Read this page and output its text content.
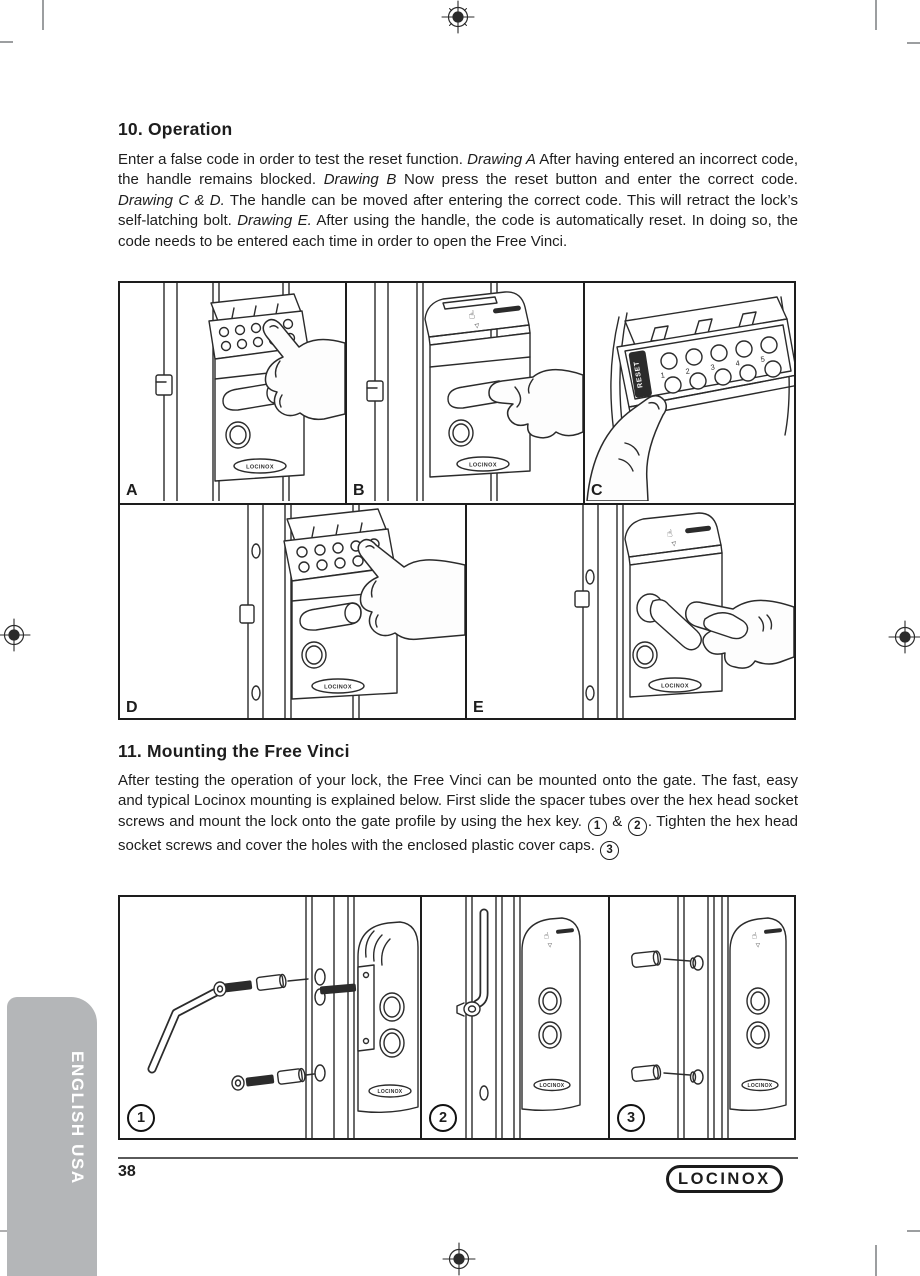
ENGLISH USA
10. Operation

Enter a false code in order to test the reset function. Drawing A After having entered an incorrect code, the handle remains blocked. Drawing B Now press the reset button and enter the correct code. Drawing C & D. The handle can be moved after entering the correct code. This will retract the lock’s self-latching bolt. Drawing E. After using the handle, the code is automatically reset. In doing so, the code needs to be entered each time in order to open the Free Vinci.

LOCINOX
A
☝
▽
LOCINOX
B
RESET 1	2	3	4	5
C
LOCINOX
D
☝
▽
LOCINOX
E
11. Mounting the Free Vinci

After testing the operation of your lock, the Free Vinci can be mounted onto the gate. The fast, easy and typical Locinox mounting is explained below. First slide the spacer tubes over the hex head socket screws and mount the lock onto the gate profile by using the hex key. 1 & 2 . Tighten the hex head socket screws and cover the holes with the enclosed plastic cover caps. 3

LOCINOX
1
☝
▽
LOCINOX
2
☝
▽
LOCINOX
3
38	LOCINOX
